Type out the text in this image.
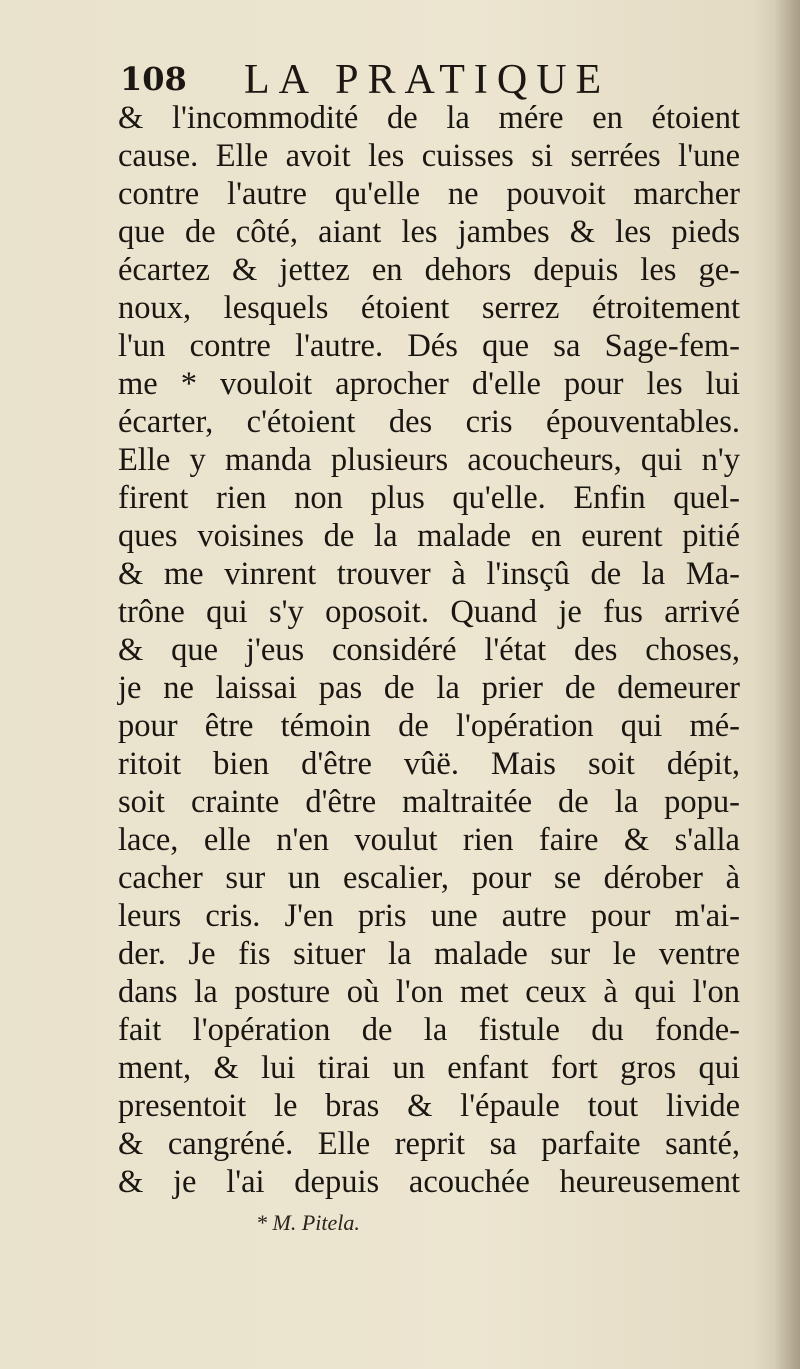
108 LA PRATIQUE
& l'incommodité de la mére en étoient
cause. Elle avoit les cuisses si serrées l'une
contre l'autre qu'elle ne pouvoit marcher
que de côté, aiant les jambes & les pieds
écartez & jettez en dehors depuis les ge-
noux, lesquels étoient serrez étroitement
l'un contre l'autre. Dés que sa Sage-fem-
me * vouloit aprocher d'elle pour les lui
écarter, c'étoient des cris épouventables.
Elle y manda plusieurs acoucheurs, qui n'y
firent rien non plus qu'elle. Enfin quel-
ques voisines de la malade en eurent pitié
& me vinrent trouver à l'insçû de la Ma-
trône qui s'y oposoit. Quand je fus arrivé
& que j'eus considéré l'état des choses,
je ne laissai pas de la prier de demeurer
pour être témoin de l'opération qui mé-
ritoit bien d'être vûë. Mais soit dépit,
soit crainte d'être maltraitée de la popu-
lace, elle n'en voulut rien faire & s'alla
cacher sur un escalier, pour se dérober à
leurs cris. J'en pris une autre pour m'ai-
der. Je fis situer la malade sur le ventre
dans la posture où l'on met ceux à qui l'on
fait l'opération de la fistule du fonde-
ment, & lui tirai un enfant fort gros qui
presentoit le bras & l'épaule tout livide
& cangréné. Elle reprit sa parfaite santé,
& je l'ai depuis acouchée heureusement
* M. Pitela.
